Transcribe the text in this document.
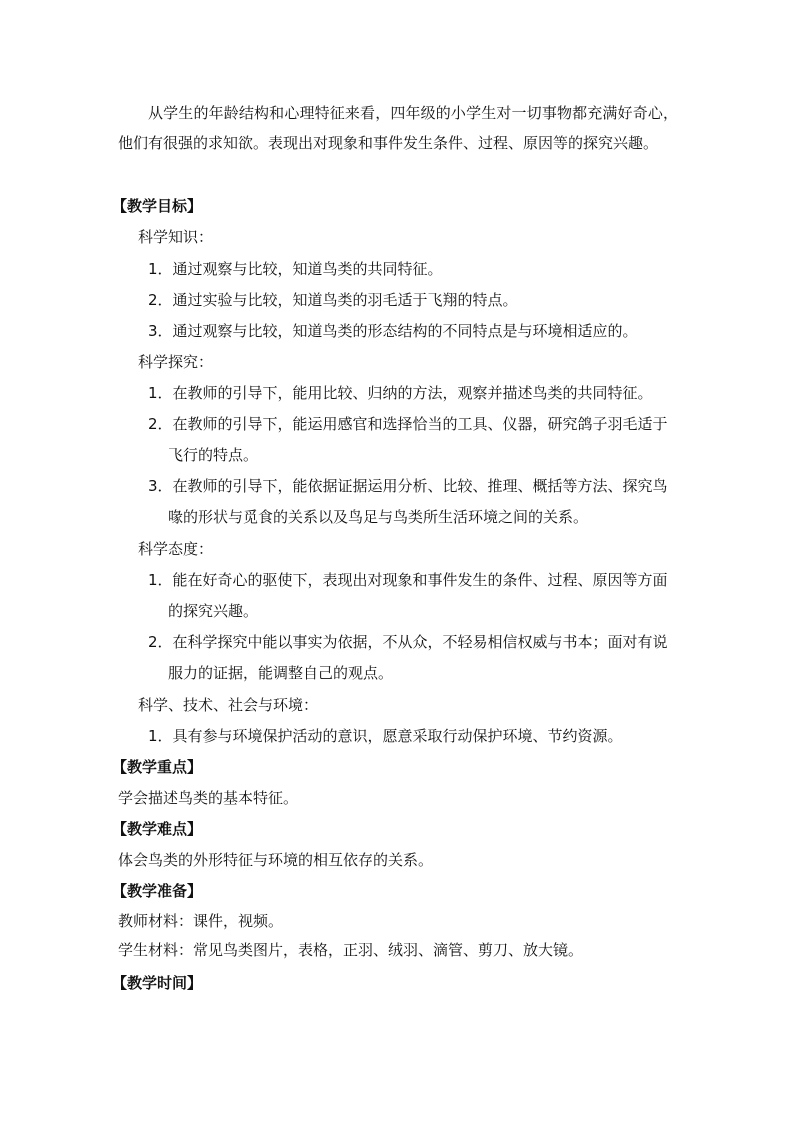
从学生的年龄结构和心理特征来看，四年级的小学生对一切事物都充满好奇心，他们有很强的求知欲。表现出对现象和事件发生条件、过程、原因等的探究兴趣。

【教学目标】

科学知识：

1．通过观察与比较，知道鸟类的共同特征。

2．通过实验与比较，知道鸟类的羽毛适于飞翔的特点。

3．通过观察与比较，知道鸟类的形态结构的不同特点是与环境相适应的。

科学探究：

1．在教师的引导下，能用比较、归纳的方法，观察并描述鸟类的共同特征。

2．在教师的引导下，能运用感官和选择恰当的工具、仪器，研究鸽子羽毛适于飞行的特点。

3．在教师的引导下，能依据证据运用分析、比较、推理、概括等方法、探究鸟喙的形状与觅食的关系以及鸟足与鸟类所生活环境之间的关系。

科学态度：

1．能在好奇心的驱使下，表现出对现象和事件发生的条件、过程、原因等方面的探究兴趣。

2．在科学探究中能以事实为依据，不从众，不轻易相信权威与书本；面对有说服力的证据，能调整自己的观点。

科学、技术、社会与环境：

1．具有参与环境保护活动的意识，愿意采取行动保护环境、节约资源。

【教学重点】

学会描述鸟类的基本特征。

【教学难点】

体会鸟类的外形特征与环境的相互依存的关系。

【教学准备】

教师材料：课件，视频。

学生材料：常见鸟类图片，表格，正羽、绒羽、滴管、剪刀、放大镜。

【教学时间】
